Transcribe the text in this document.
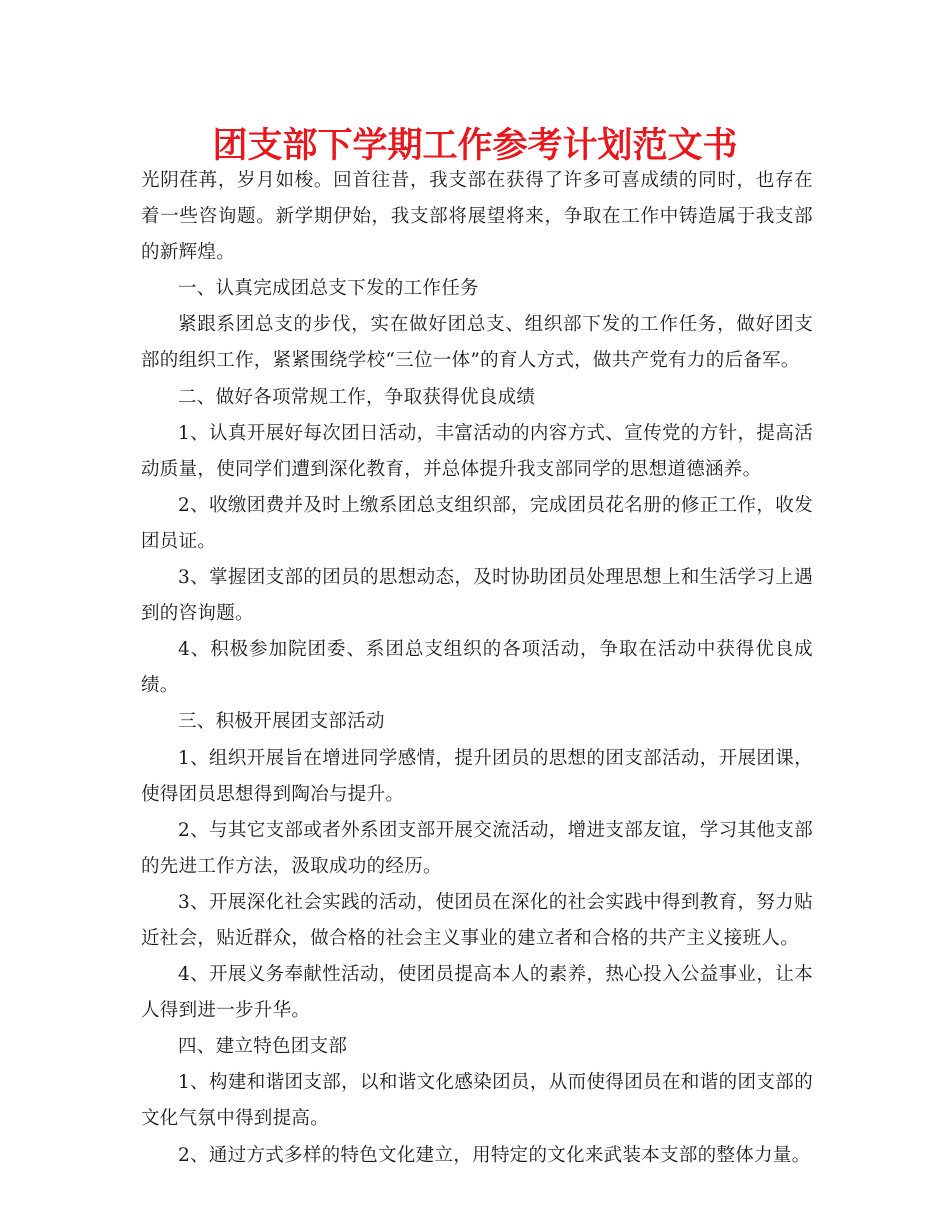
团支部下学期工作参考计划范文书

光阴荏苒，岁月如梭。回首往昔，我支部在获得了许多可喜成绩的同时，也存在着一些咨询题。新学期伊始，我支部将展望将来，争取在工作中铸造属于我支部的新辉煌。

一、认真完成团总支下发的工作任务

紧跟系团总支的步伐，实在做好团总支、组织部下发的工作任务，做好团支部的组织工作，紧紧围绕学校“三位一体”的育人方式，做共产党有力的后备军。

二、做好各项常规工作，争取获得优良成绩

1、认真开展好每次团日活动，丰富活动的内容方式、宣传党的方针，提高活动质量，使同学们遭到深化教育，并总体提升我支部同学的思想道德涵养。

2、收缴团费并及时上缴系团总支组织部，完成团员花名册的修正工作，收发团员证。

3、掌握团支部的团员的思想动态，及时协助团员处理思想上和生活学习上遇到的咨询题。

4、积极参加院团委、系团总支组织的各项活动，争取在活动中获得优良成绩。

三、积极开展团支部活动

1、组织开展旨在增进同学感情，提升团员的思想的团支部活动，开展团课，使得团员思想得到陶冶与提升。

2、与其它支部或者外系团支部开展交流活动，增进支部友谊，学习其他支部的先进工作方法，汲取成功的经历。

3、开展深化社会实践的活动，使团员在深化的社会实践中得到教育，努力贴近社会，贴近群众，做合格的社会主义事业的建立者和合格的共产主义接班人。

4、开展义务奉献性活动，使团员提高本人的素养，热心投入公益事业，让本人得到进一步升华。

四、建立特色团支部

1、构建和谐团支部，以和谐文化感染团员，从而使得团员在和谐的团支部的文化气氛中得到提高。

2、通过方式多样的特色文化建立，用特定的文化来武装本支部的整体力量。
